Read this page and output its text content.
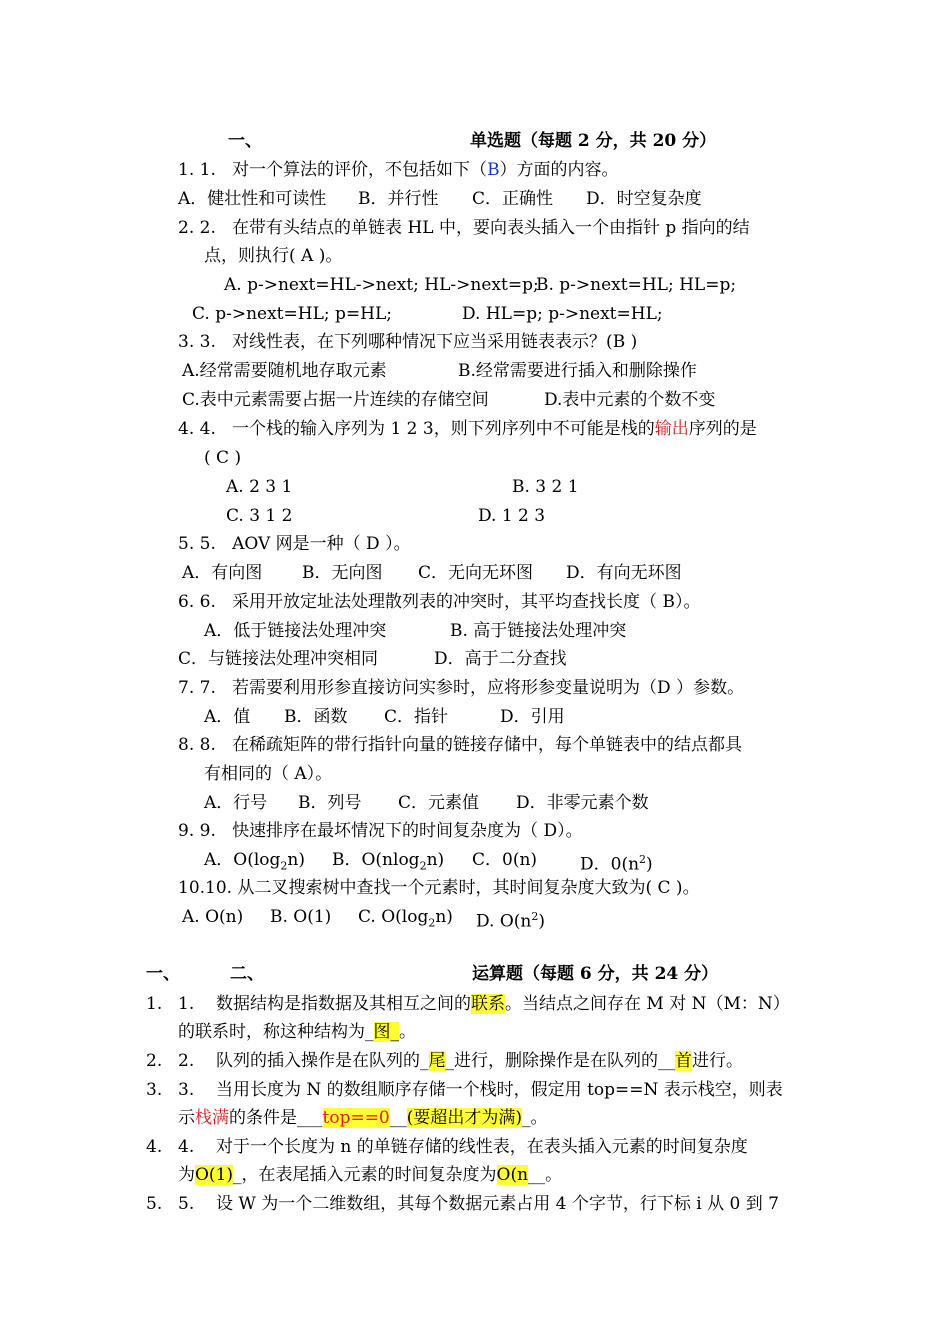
一、	单选题（每题 2 分，共 20 分）
1. 1. 对一个算法的评价，不包括如下（B）方面的内容。
A．健壮性和可读性 B．并行性 C．正确性 D．时空复杂度
2. 2. 在带有头结点的单链表 HL 中，要向表头插入一个由指针 p 指向的结
点，则执行( A )。
A. p->next=HL->next; HL->next=p;
B. p->next=HL; HL=p;
C. p->next=HL; p=HL;	D. HL=p; p->next=HL;
3. 3. 对线性表，在下列哪种情况下应当采用链表表示？(B )
A.经常需要随机地存取元素	B.经常需要进行插入和删除操作
C.表中元素需要占据一片连续的存储空间	D.表中元素的个数不变
4. 4. 一个栈的输入序列为 1 2 3，则下列序列中不可能是栈的输出序列的是
( C )
A. 2 3 1	B. 3 2 1
C. 3 1 2	D. 1 2 3
5. 5. AOV 网是一种（ D ）。
A．有向图 B．无向图 C．无向无环图 D．有向无环图
6. 6. 采用开放定址法处理散列表的冲突时，其平均查找长度（ B）。
A．低于链接法处理冲突	B. 高于链接法处理冲突
C．与链接法处理冲突相同	D．高于二分查找
7. 7. 若需要利用形参直接访问实参时，应将形参变量说明为（D ）参数。
A．值 B．函数 C．指针	D．引用
8. 8. 在稀疏矩阵的带行指针向量的链接存储中，每个单链表中的结点都具
有相同的（ A）。
A．行号 B．列号 C．元素值 D．非零元素个数
9. 9. 快速排序在最坏情况下的时间复杂度为（ D）。
A．$O(\log_2n)$ B．O(nlog$_2$n) C．0(n)	D．$0(n^2)$
10.10. 从二叉搜索树中查找一个元素时，其时间复杂度大致为( C )。
A. O(n) B. O(1) C. $O(\log_2n)$ D. $O(n^2)$
一、	二、	运算题（每题 6 分，共 24 分）
1. 1. 数据结构是指数据及其相互之间的联系。当结点之间存在 M 对 N（M：N）
的联系时，称这种结构为_图_。
2. 2. 队列的插入操作是在队列的_尾_进行，删除操作是在队列的__首进行。
3. 3. 当用长度为 N 的数组顺序存储一个栈时，假定用 top==N 表示栈空，则表
示栈满的条件是___top==0__(要超出才为满)_。
4. 4. 对于一个长度为 n 的单链存储的线性表，在表头插入元素的时间复杂度
为O(1)_，在表尾插入元素的时间复杂度为O(n__。
5. 5. 设 W 为一个二维数组，其每个数据元素占用 4 个字节，行下标 i 从 0 到 7
